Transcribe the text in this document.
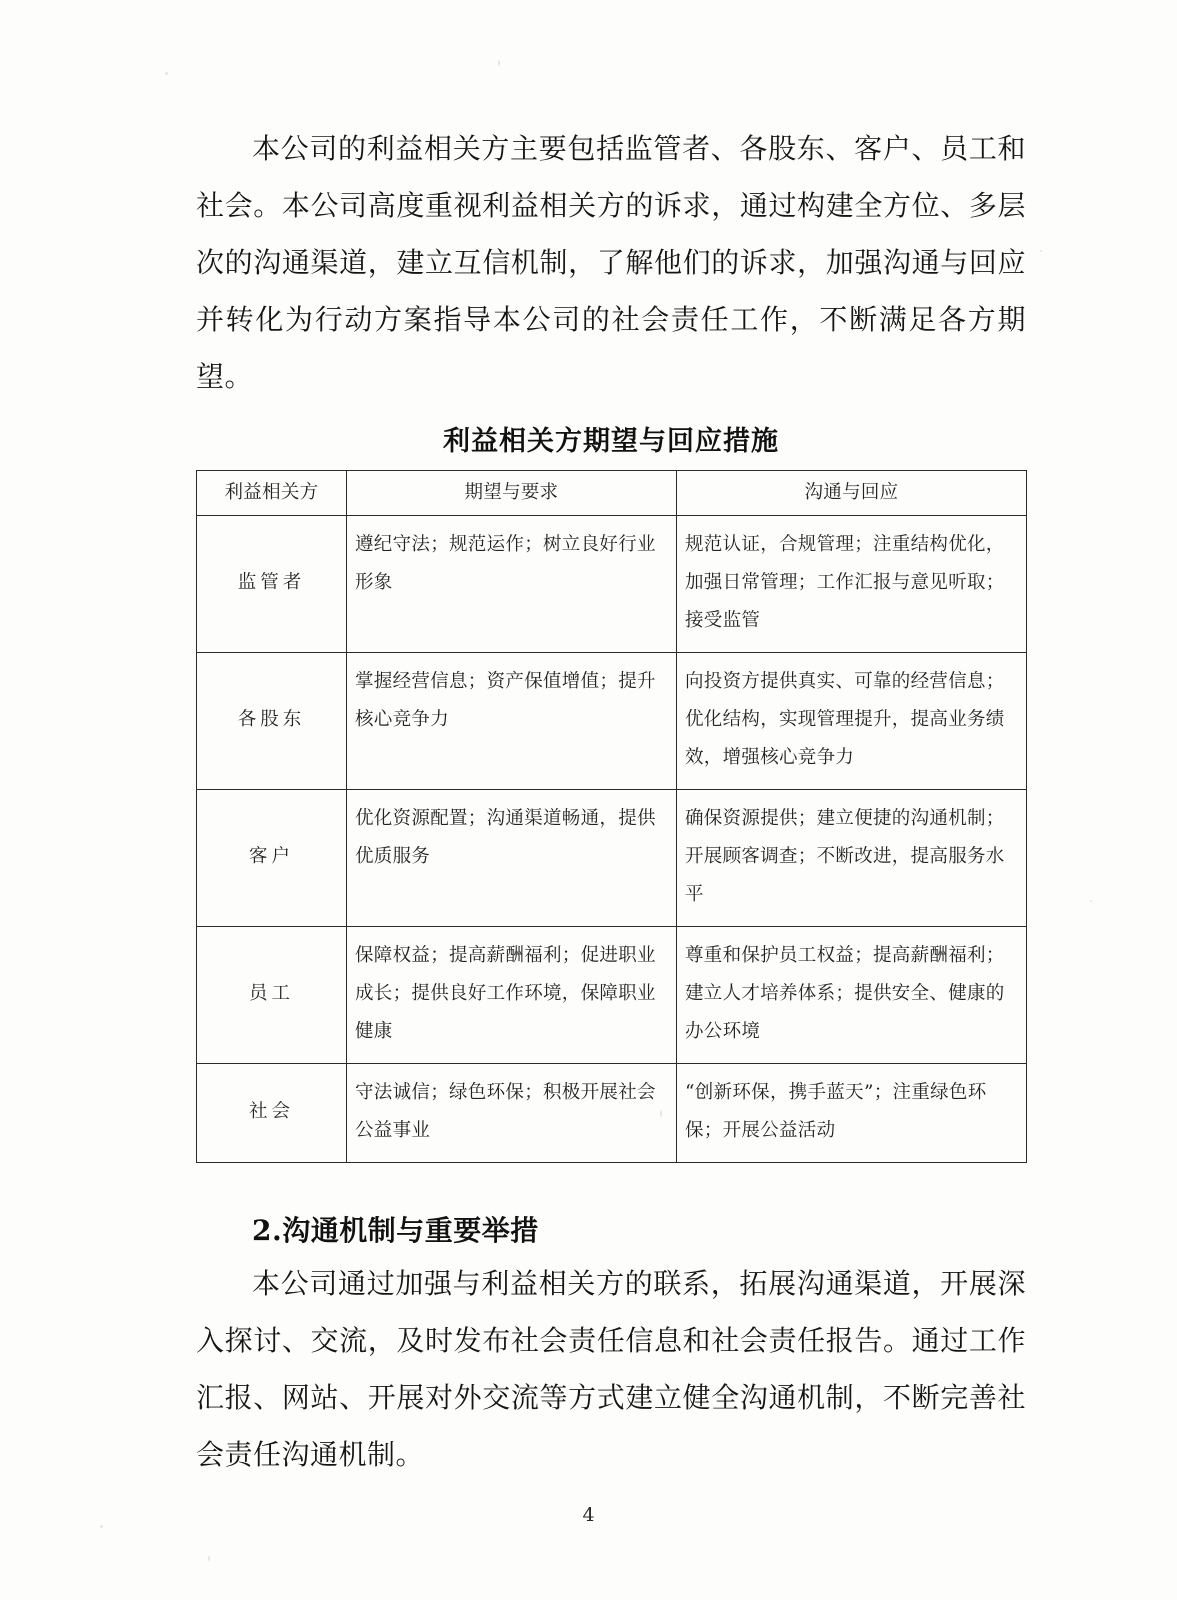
本公司的利益相关方主要包括监管者、各股东、客户、员工和社会。本公司高度重视利益相关方的诉求，通过构建全方位、多层次的沟通渠道，建立互信机制，了解他们的诉求，加强沟通与回应并转化为行动方案指导本公司的社会责任工作，不断满足各方期望。

利益相关方期望与回应措施
利益相关方	期望与要求	沟通与回应
监管者	遵纪守法；规范运作；树立良好行业形象	规范认证，合规管理；注重结构优化，加强日常管理；工作汇报与意见听取；接受监管
各股东	掌握经营信息；资产保值增值；提升核心竞争力	向投资方提供真实、可靠的经营信息；优化结构，实现管理提升，提高业务绩效，增强核心竞争力
客户	优化资源配置；沟通渠道畅通，提供优质服务	确保资源提供；建立便捷的沟通机制；开展顾客调查；不断改进，提高服务水平
员工	保障权益；提高薪酬福利；促进职业成长；提供良好工作环境，保障职业健康	尊重和保护员工权益；提高薪酬福利；建立人才培养体系；提供安全、健康的办公环境
社会	守法诚信；绿色环保；积极开展社会公益事业	“创新环保，携手蓝天”；注重绿色环保；开展公益活动
2.沟通机制与重要举措

本公司通过加强与利益相关方的联系，拓展沟通渠道，开展深入探讨、交流，及时发布社会责任信息和社会责任报告。通过工作汇报、网站、开展对外交流等方式建立健全沟通机制，不断完善社会责任沟通机制。

4
